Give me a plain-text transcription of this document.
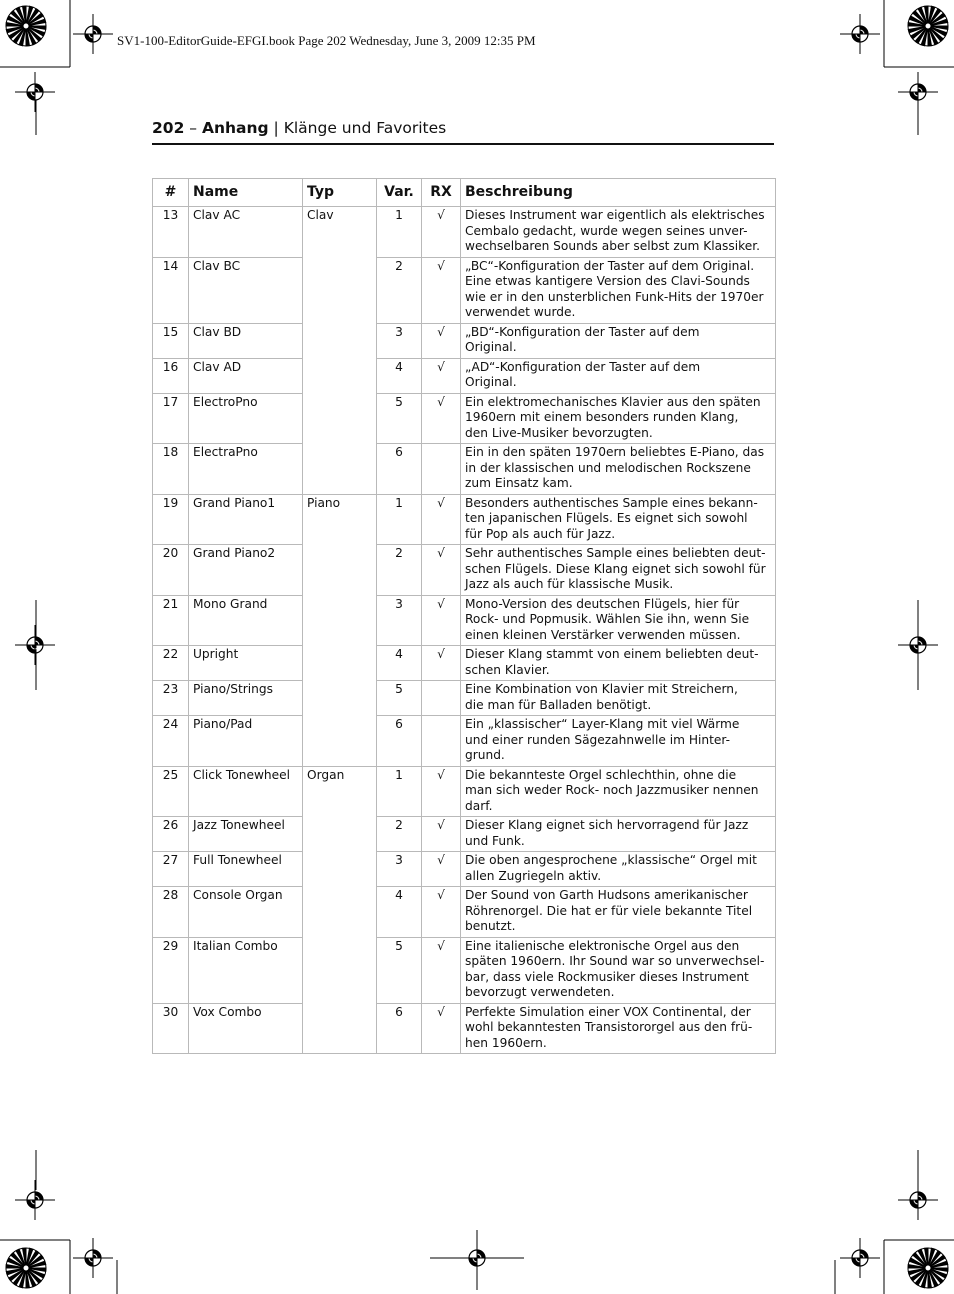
SV1-100-EditorGuide-EFGI.book Page 202 Wednesday, June 3, 2009 12:35 PM
202 – Anhang | Klänge und Favorites
#	Name	Typ	Var.	RX	Beschreibung
13	Clav AC	Clav	1	√	Dieses Instrument war eigentlich als elektrisches
Cembalo gedacht, wurde wegen seines unver-
wechselbaren Sounds aber selbst zum Klassiker.
14	Clav BC		2	√	„BC“-Konfiguration der Taster auf dem Original.
Eine etwas kantigere Version des Clavi-Sounds
wie er in den unsterblichen Funk-Hits der 1970er
verwendet wurde.
15	Clav BD		3	√	„BD“-Konfiguration der Taster auf dem
Original.
16	Clav AD		4	√	„AD“-Konfiguration der Taster auf dem
Original.
17	ElectroPno		5	√	Ein elektromechanisches Klavier aus den späten
1960ern mit einem besonders runden Klang,
den Live-Musiker bevorzugten.
18	ElectraPno		6		Ein in den späten 1970ern beliebtes E-Piano, das
in der klassischen und melodischen Rockszene
zum Einsatz kam.
19	Grand Piano1	Piano	1	√	Besonders authentisches Sample eines bekann-
ten japanischen Flügels. Es eignet sich sowohl
für Pop als auch für Jazz.
20	Grand Piano2		2	√	Sehr authentisches Sample eines beliebten deut-
schen Flügels. Diese Klang eignet sich sowohl für
Jazz als auch für klassische Musik.
21	Mono Grand		3	√	Mono-Version des deutschen Flügels, hier für
Rock- und Popmusik. Wählen Sie ihn, wenn Sie
einen kleinen Verstärker verwenden müssen.
22	Upright		4	√	Dieser Klang stammt von einem beliebten deut-
schen Klavier.
23	Piano/Strings		5		Eine Kombination von Klavier mit Streichern,
die man für Balladen benötigt.
24	Piano/Pad		6		Ein „klassischer“ Layer-Klang mit viel Wärme
und einer runden Sägezahnwelle im Hinter-
grund.
25	Click Tonewheel	Organ	1	√	Die bekannteste Orgel schlechthin, ohne die
man sich weder Rock- noch Jazzmusiker nennen
darf.
26	Jazz Tonewheel		2	√	Dieser Klang eignet sich hervorragend für Jazz
und Funk.
27	Full Tonewheel		3	√	Die oben angesprochene „klassische“ Orgel mit
allen Zugriegeln aktiv.
28	Console Organ		4	√	Der Sound von Garth Hudsons amerikanischer
Röhrenorgel. Die hat er für viele bekannte Titel
benutzt.
29	Italian Combo		5	√	Eine italienische elektronische Orgel aus den
späten 1960ern. Ihr Sound war so unverwechsel-
bar, dass viele Rockmusiker dieses Instrument
bevorzugt verwendeten.
30	Vox Combo		6	√	Perfekte Simulation einer VOX Continental, der
wohl bekanntesten Transistororgel aus den frü-
hen 1960ern.
